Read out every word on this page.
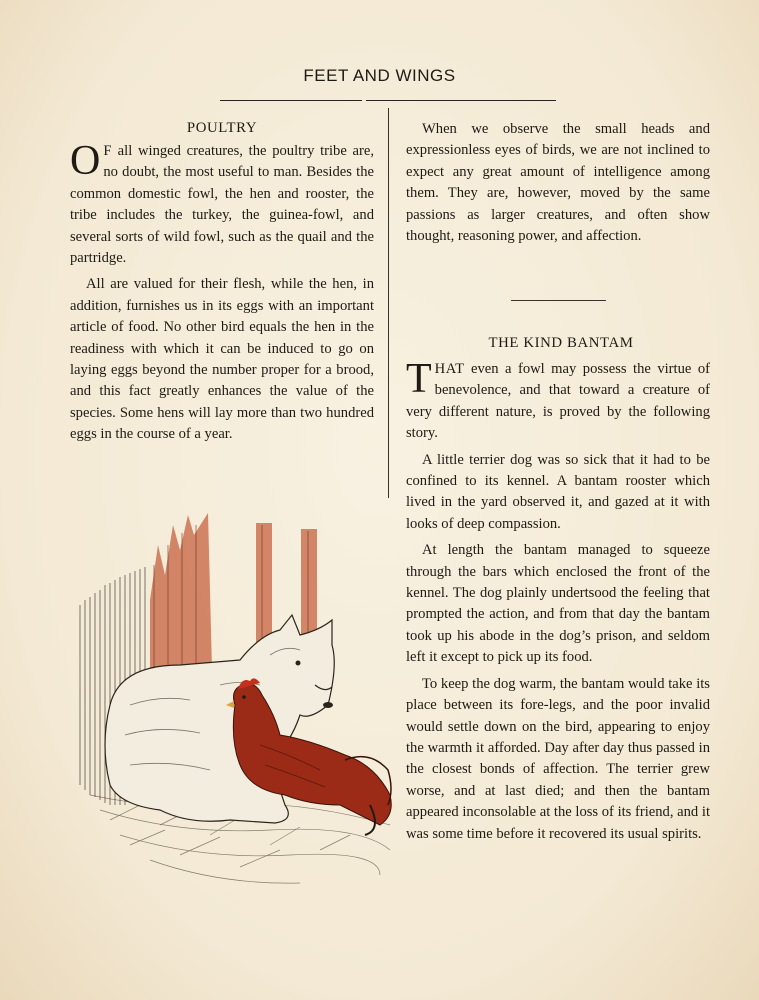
FEET AND WINGS
POULTRY

O F all winged creatures, the poultry tribe are, no doubt, the most useful to man. Besides the common domestic fowl, the hen and rooster, the tribe includes the turkey, the guinea-fowl, and several sorts of wild fowl, such as the quail and the partridge.

All are valued for their flesh, while the hen, in addition, furnishes us in its eggs with an important article of food. No other bird equals the hen in the readiness with which it can be induced to go on laying eggs beyond the number proper for a brood, and this fact greatly enhances the value of the species. Some hens will lay more than two hundred eggs in the course of a year.

When we observe the small heads and expressionless eyes of birds, we are not inclined to expect any great amount of intelligence among them. They are, however, moved by the same passions as larger creatures, and often show thought, reasoning power, and affection.

THE KIND BANTAM

THAT even a fowl may possess the virtue of benevolence, and that toward a creature of very different nature, is proved by the following story.

A little terrier dog was so sick that it had to be confined to its kennel. A bantam rooster which lived in the yard observed it, and gazed at it with looks of deep compassion.

At length the bantam managed to squeeze through the bars which enclosed the front of the kennel. The dog plainly undertsood the feeling that prompted the action, and from that day the bantam took up his abode in the dog’s prison, and seldom left it except to pick up its food.

To keep the dog warm, the bantam would take its place between its fore-legs, and the poor invalid would settle down on the bird, appearing to enjoy the warmth it afforded. Day after day thus passed in the closest bonds of affection. The terrier grew worse, and at last died; and then the bantam appeared inconsolable at the loss of its friend, and it was some time before it recovered its usual spirits.
